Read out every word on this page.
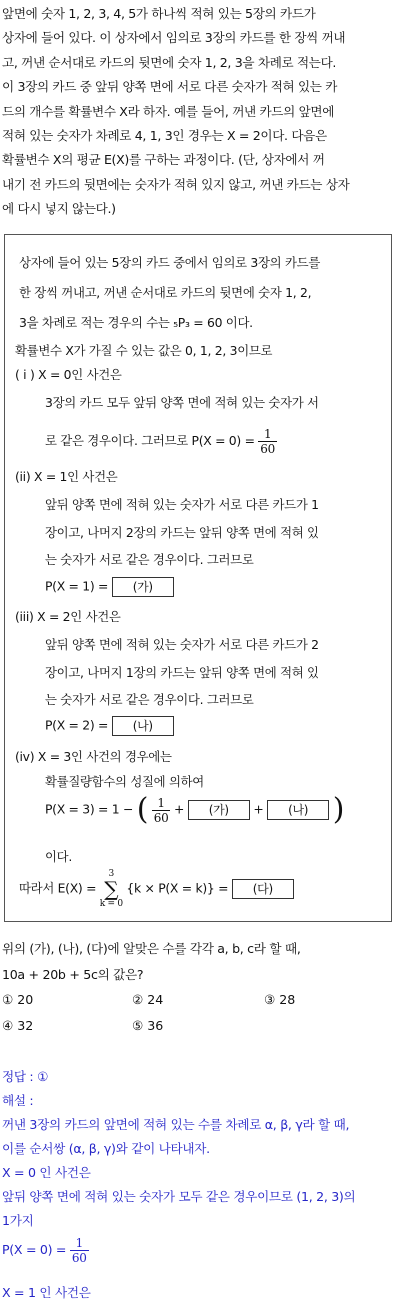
앞면에 숫자 1, 2, 3, 4, 5가 하나씩 적혀 있는 5장의 카드가

상자에 들어 있다. 이 상자에서 임의로 3장의 카드를 한 장씩 꺼내

고, 꺼낸 순서대로 카드의 뒷면에 숫자 1, 2, 3을 차례로 적는다.

이 3장의 카드 중 앞뒤 양쪽 면에 서로 다른 숫자가 적혀 있는 카

드의 개수를 확률변수 X라 하자. 예를 들어, 꺼낸 카드의 앞면에

적혀 있는 숫자가 차례로 4, 1, 3인 경우는 X = 2이다. 다음은

확률변수 X의 평균 E(X)를 구하는 과정이다. (단, 상자에서 꺼

내기 전 카드의 뒷면에는 숫자가 적혀 있지 않고, 꺼낸 카드는 상자

에 다시 넣지 않는다.)

상자에 들어 있는 5장의 카드 중에서 임의로 3장의 카드를
한 장씩 꺼내고, 꺼낸 순서대로 카드의 뒷면에 숫자 1, 2,
3을 차례로 적는 경우의 수는 ₅P₃ = 60 이다.
확률변수 X가 가질 수 있는 값은 0, 1, 2, 3이므로
( i ) X = 0인 사건은
3장의 카드 모두 앞뒤 양쪽 면에 적혀 있는 숫자가 서
로 같은 경우이다. 그러므로 $P(X = 0) = \frac{1}{60}$
(ii) X = 1인 사건은
앞뒤 양쪽 면에 적혀 있는 숫자가 서로 다른 카드가 1
장이고, 나머지 2장의 카드는 앞뒤 양쪽 면에 적혀 있
는 숫자가 서로 같은 경우이다. 그러므로
P(X = 1) = (가)
(iii) X = 2인 사건은
앞뒤 양쪽 면에 적혀 있는 숫자가 서로 다른 카드가 2
장이고, 나머지 1장의 카드는 앞뒤 양쪽 면에 적혀 있
는 숫자가 서로 같은 경우이다. 그러므로
P(X = 2) = (나)
(iv) X = 3인 사건의 경우에는
확률질량함수의 성질에 의하여
P(X = 3) = 1 − ( $\frac{1}{60}$ + (가) + (나) )
이다.
따라서 E(X) =
3
∑
k = 0
{k × P(X = k)} = (다)
위의 (가), (나), (다)에 알맞은 수를 각각 a, b, c라 할 때,
10a + 20b + 5c의 값은?
① 20	② 24	③ 28
④ 32	⑤ 36
정답 : ①
해설 :
꺼낸 3장의 카드의 앞면에 적혀 있는 수를 차례로 α, β, γ라 할 때,
이를 순서쌍 (α, β, γ)와 같이 나타내자.
X = 0 인 사건은
앞뒤 양쪽 면에 적혀 있는 숫자가 모두 같은 경우이므로 (1, 2, 3)의
1가지
$P(X = 0) = \frac{1}{60}$
X = 1 인 사건은
